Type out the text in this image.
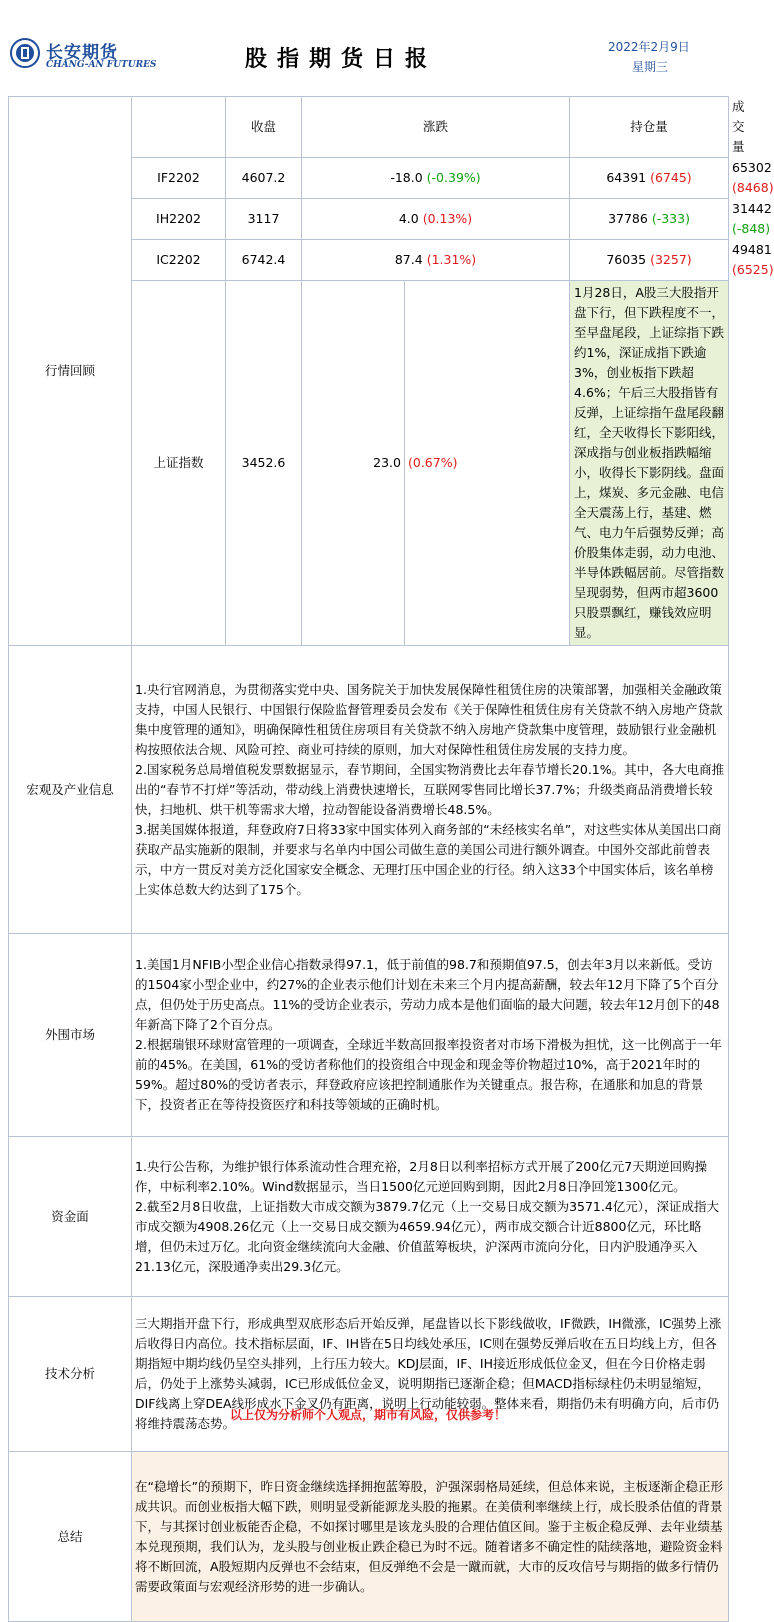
长安期货
CHANG-AN FUTURES	股指期货日报	2022年2月9日
星期三
行情回顾		收盘	涨跌		持仓量	成交量
	IF2202	4607.2	-18.0 (-0.39%)		64391 (6745)	65302 (8468)
	IH2202	3117	4.0 (0.13%)		37786 (-333)	31442 (-848)
	IC2202	6742.4	87.4 (1.31%)		76035 (3257)	49481 (6525)
	上证指数	3452.6	23.0	(0.67%)	1月28日，A股三大股指开盘下行，但下跌程度不一，至早盘尾段，上证综指下跌约1%，深证成指下跌逾3%，创业板指下跌超4.6%；午后三大股指皆有反弹，上证综指午盘尾段翻红，全天收得长下影阳线，深成指与创业板指跌幅缩小，收得长下影阴线。盘面上，煤炭、多元金融、电信全天震荡上行，基建、燃气、电力午后强势反弹；高价股集体走弱，动力电池、半导体跌幅居前。尽管指数呈现弱势，但两市超3600只股票飘红，赚钱效应明显。	
宏观及产业信息	1.央行官网消息，为贯彻落实党中央、国务院关于加快发展保障性租赁住房的决策部署，加强相关金融政策支持，中国人民银行、中国银行保险监督管理委员会发布《关于保障性租赁住房有关贷款不纳入房地产贷款集中度管理的通知》，明确保障性租赁住房项目有关贷款不纳入房地产贷款集中度管理，鼓励银行业金融机构按照依法合规、风险可控、商业可持续的原则，加大对保障性租赁住房发展的支持力度。
2.国家税务总局增值税发票数据显示，春节期间，全国实物消费比去年春节增长20.1%。其中，各大电商推出的“春节不打烊”等活动，带动线上消费快速增长，互联网零售同比增长37.7%；升级类商品消费增长较快，扫地机、烘干机等需求大增，拉动智能设备消费增长48.5%。
3.据美国媒体报道，拜登政府7日将33家中国实体列入商务部的“未经核实名单”，对这些实体从美国出口商获取产品实施新的限制，并要求与名单内中国公司做生意的美国公司进行额外调查。中国外交部此前曾表示，中方一贯反对美方泛化国家安全概念、无理打压中国企业的行径。纳入这33个中国实体后，该名单榜上实体总数大约达到了175个。					

外围市场	1.美国1月NFIB小型企业信心指数录得97.1，低于前值的98.7和预期值97.5，创去年3月以来新低。受访的1504家小型企业中，约27%的企业表示他们计划在未来三个月内提高薪酬，较去年12月下降了5个百分点，但仍处于历史高点。11%的受访企业表示，劳动力成本是他们面临的最大问题，较去年12月创下的48年新高下降了2个百分点。
2.根据瑞银环球财富管理的一项调查，全球近半数高回报率投资者对市场下滑极为担忧，这一比例高于一年前的45%。在美国，61%的受访者称他们的投资组合中现金和现金等价物超过10%，高于2021年时的59%。超过80%的受访者表示，拜登政府应该把控制通胀作为关键重点。报告称，在通胀和加息的背景下，投资者正在等待投资医疗和科技等领域的正确时机。					

资金面	1.央行公告称，为维护银行体系流动性合理充裕，2月8日以利率招标方式开展了200亿元7天期逆回购操作，中标利率2.10%。Wind数据显示，当日1500亿元逆回购到期，因此2月8日净回笼1300亿元。
2.截至2月8日收盘，上证指数大市成交额为3879.7亿元（上一交易日成交额为3571.4亿元），深证成指大市成交额为4908.26亿元（上一交易日成交额为4659.94亿元），两市成交额合计近8800亿元，环比略增，但仍未过万亿。北向资金继续流向大金融、价值蓝筹板块，沪深两市流向分化，日内沪股通净买入21.13亿元，深股通净卖出29.3亿元。					

技术分析	三大期指开盘下行，形成典型双底形态后开始反弹，尾盘皆以长下影线做收，IF微跌，IH微涨，IC强势上涨后收得日内高位。技术指标层面，IF、IH皆在5日均线处承压，IC则在强势反弹后收在五日均线上方，但各期指短中期均线仍呈空头排列，上行压力较大。KDJ层面，IF、IH接近形成低位金叉，但在今日价格走弱后，仍处于上涨势头减弱，IC已形成低位金叉，说明期指已逐渐企稳；但MACD指标绿柱仍未明显缩短，DIF线离上穿DEA线形成水下金叉仍有距离，说明上行动能较弱。整体来看，期指仍未有明确方向，后市仍将维持震荡态势。					

总结	在“稳增长”的预期下，昨日资金继续选择拥抱蓝筹股，沪强深弱格局延续，但总体来说，主板逐渐企稳正形成共识。而创业板指大幅下跌，则明显受新能源龙头股的拖累。在美债利率继续上行，成长股杀估值的背景下，与其探讨创业板能否企稳，不如探讨哪里是该龙头股的合理估值区间。鉴于主板企稳反弹、去年业绩基本兑现预期，我们认为，龙头股与创业板止跌企稳已为时不远。随着诸多不确定性的陆续落地，避险资金料将不断回流，A股短期内反弹也不会结束，但反弹绝不会是一蹴而就，大市的反攻信号与期指的做多行情仍需要政策面与宏观经济形势的进一步确认。					
以上仅为分析师个人观点，期市有风险，仅供参考！
